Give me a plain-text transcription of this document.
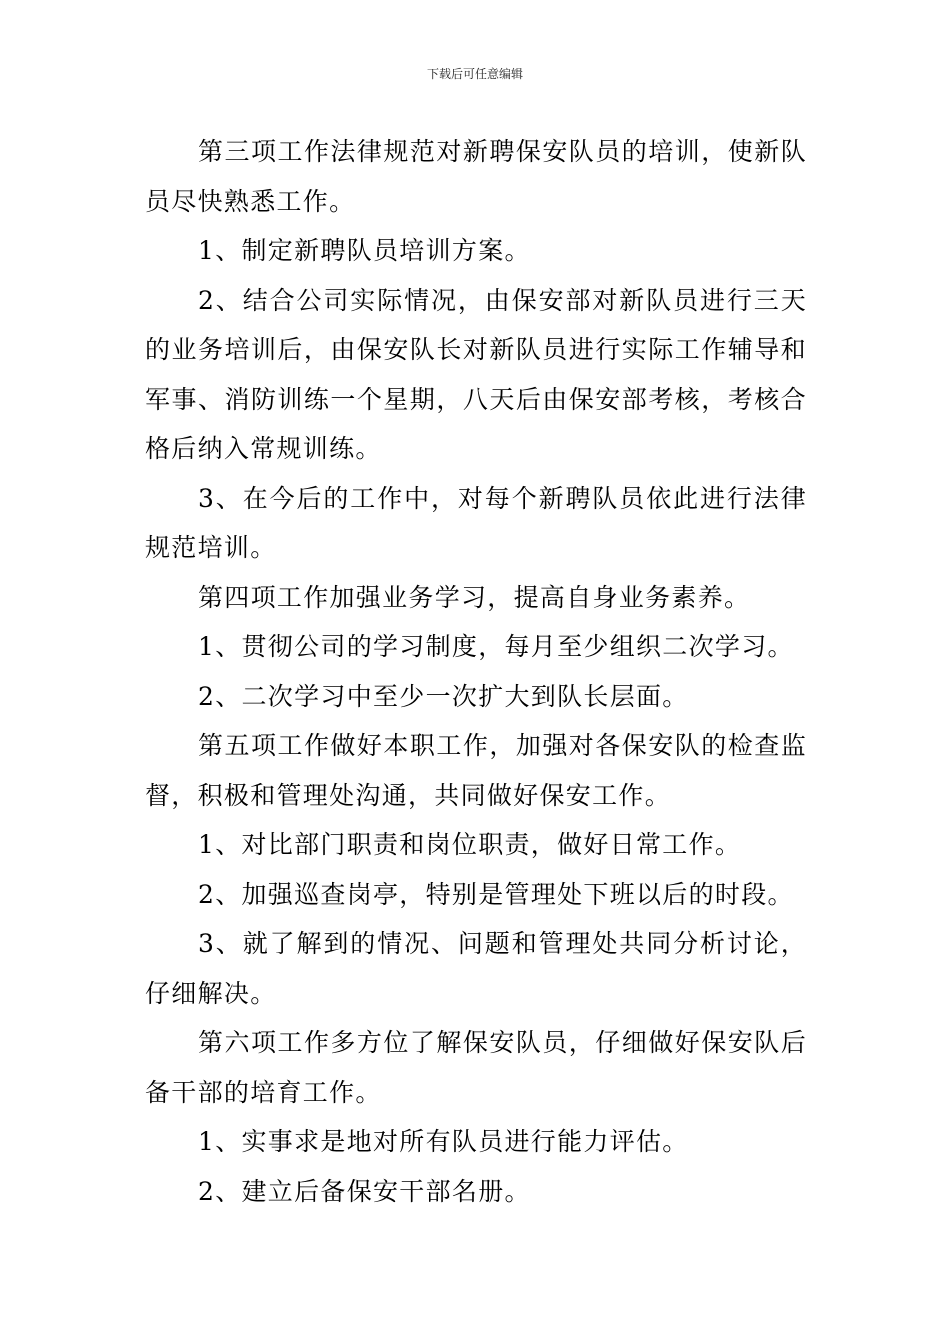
下载后可任意编辑

第三项工作法律规范对新聘保安队员的培训，使新队员尽快熟悉工作。

1、制定新聘队员培训方案。

2、结合公司实际情况，由保安部对新队员进行三天的业务培训后，由保安队长对新队员进行实际工作辅导和军事、消防训练一个星期，八天后由保安部考核，考核合格后纳入常规训练。

3、在今后的工作中，对每个新聘队员依此进行法律规范培训。

第四项工作加强业务学习，提高自身业务素养。

1、贯彻公司的学习制度，每月至少组织二次学习。

2、二次学习中至少一次扩大到队长层面。

第五项工作做好本职工作，加强对各保安队的检查监督，积极和管理处沟通，共同做好保安工作。

1、对比部门职责和岗位职责，做好日常工作。

2、加强巡查岗亭，特别是管理处下班以后的时段。

3、就了解到的情况、问题和管理处共同分析讨论，仔细解决。

第六项工作多方位了解保安队员，仔细做好保安队后备干部的培育工作。

1、实事求是地对所有队员进行能力评估。

2、建立后备保安干部名册。
